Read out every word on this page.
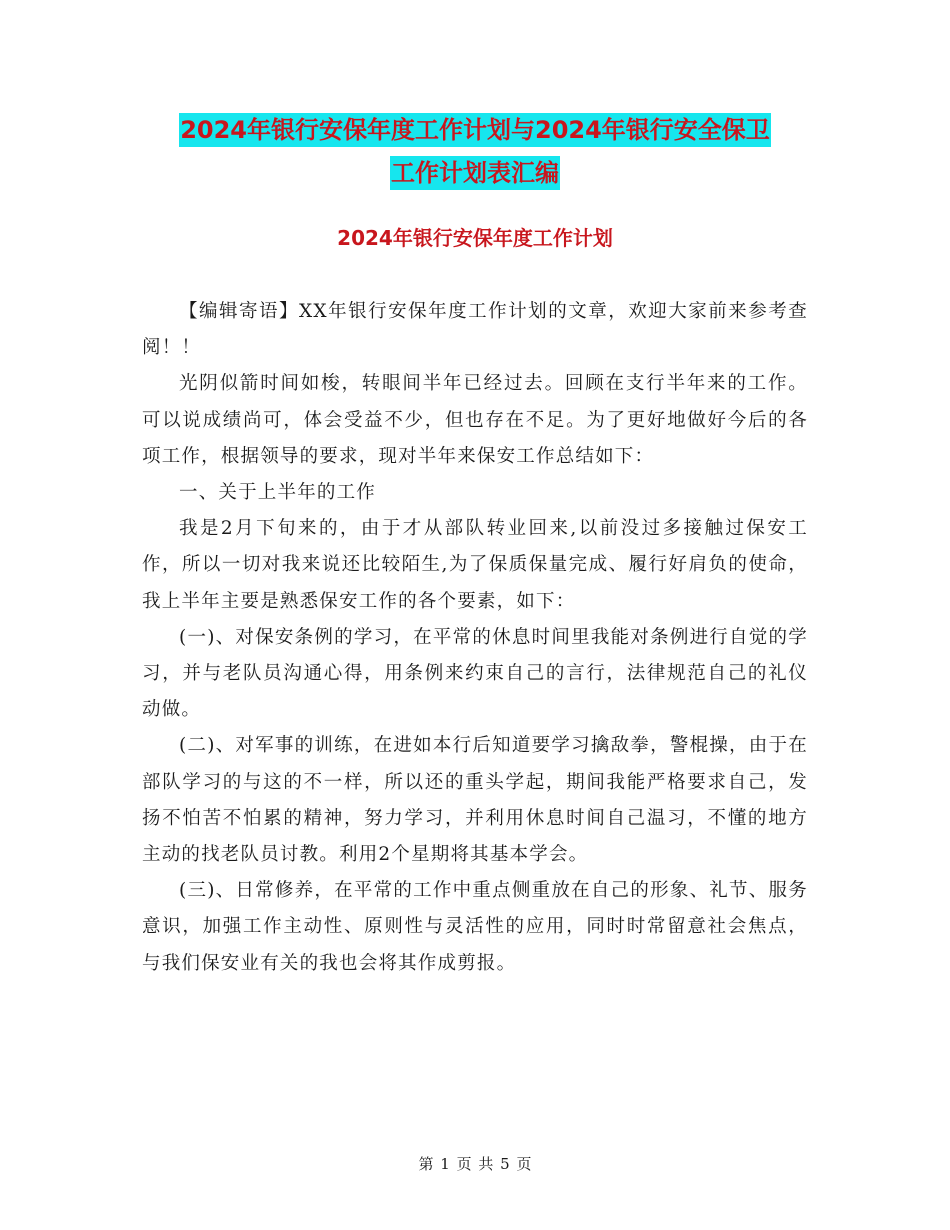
2024年银行安保年度工作计划与2024年银行安全保卫
工作计划表汇编
2024年银行安保年度工作计划

【编辑寄语】XX年银行安保年度工作计划的文章，欢迎大家前来参考查阅！！

光阴似箭时间如梭，转眼间半年已经过去。回顾在支行半年来的工作。可以说成绩尚可，体会受益不少，但也存在不足。为了更好地做好今后的各项工作，根据领导的要求，现对半年来保安工作总结如下：

一、关于上半年的工作

我是2月下旬来的，由于才从部队转业回来,以前没过多接触过保安工作，所以一切对我来说还比较陌生,为了保质保量完成、履行好肩负的使命，我上半年主要是熟悉保安工作的各个要素，如下：

(一)、对保安条例的学习，在平常的休息时间里我能对条例进行自觉的学习，并与老队员沟通心得，用条例来约束自己的言行，法律规范自己的礼仪动做。

(二)、对军事的训练，在进如本行后知道要学习擒敌拳，警棍操，由于在部队学习的与这的不一样，所以还的重头学起，期间我能严格要求自己，发扬不怕苦不怕累的精神，努力学习，并利用休息时间自己温习，不懂的地方主动的找老队员讨教。利用2个星期将其基本学会。

(三)、日常修养，在平常的工作中重点侧重放在自己的形象、礼节、服务意识，加强工作主动性、原则性与灵活性的应用，同时时常留意社会焦点，与我们保安业有关的我也会将其作成剪报。

第 1 页 共 5 页
